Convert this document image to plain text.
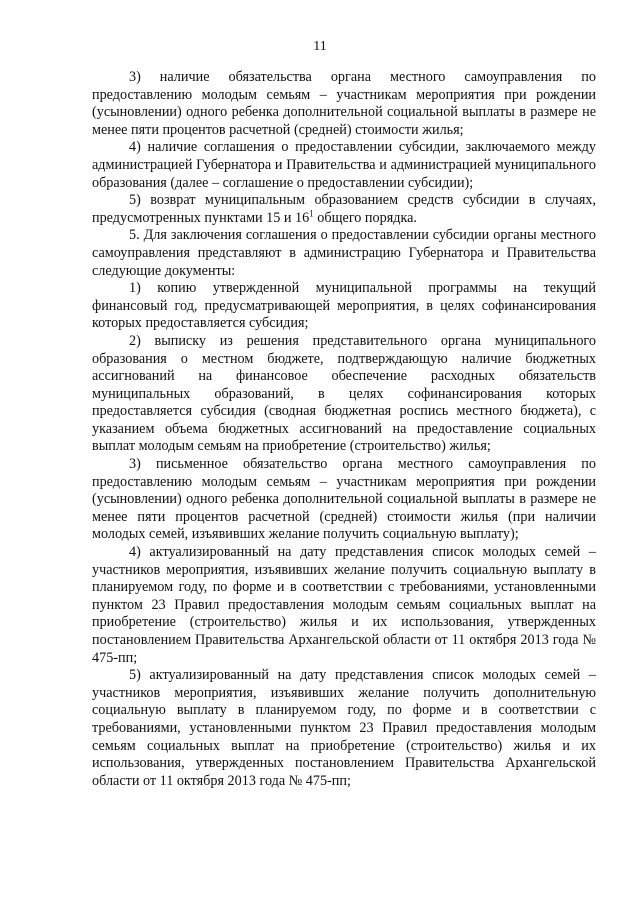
11

3) наличие обязательства органа местного самоуправления по предоставлению молодым семьям – участникам мероприятия при рождении (усыновлении) одного ребенка дополнительной социальной выплаты в размере не менее пяти процентов расчетной (средней) стоимости жилья;

4) наличие соглашения о предоставлении субсидии, заключаемого между администрацией Губернатора и Правительства и администрацией муниципального образования (далее – соглашение о предоставлении субсидии);

5) возврат муниципальным образованием средств субсидии в случаях, предусмотренных пунктами 15 и $16^1$ общего порядка.

5. Для заключения соглашения о предоставлении субсидии органы местного самоуправления представляют в администрацию Губернатора и Правительства следующие документы:

1) копию утвержденной муниципальной программы на текущий финансовый год, предусматривающей мероприятия, в целях софинансирования которых предоставляется субсидия;

2) выписку из решения представительного органа муниципального образования о местном бюджете, подтверждающую наличие бюджетных ассигнований на финансовое обеспечение расходных обязательств муниципальных образований, в целях софинансирования которых предоставляется субсидия (сводная бюджетная роспись местного бюджета), с указанием объема бюджетных ассигнований на предоставление социальных выплат молодым семьям на приобретение (строительство) жилья;

3) письменное обязательство органа местного самоуправления по предоставлению молодым семьям – участникам мероприятия при рождении (усыновлении) одного ребенка дополнительной социальной выплаты в размере не менее пяти процентов расчетной (средней) стоимости жилья (при наличии молодых семей, изъявивших желание получить социальную выплату);

4) актуализированный на дату представления список молодых семей – участников мероприятия, изъявивших желание получить социальную выплату в планируемом году, по форме и в соответствии с требованиями, установленными пунктом 23 Правил предоставления молодым семьям социальных выплат на приобретение (строительство) жилья и их использования, утвержденных постановлением Правительства Архангельской области от 11 октября 2013 года № 475-пп;

5) актуализированный на дату представления список молодых семей – участников мероприятия, изъявивших желание получить дополнительную социальную выплату в планируемом году, по форме и в соответствии с требованиями, установленными пунктом 23 Правил предоставления молодым семьям социальных выплат на приобретение (строительство) жилья и их использования, утвержденных постановлением Правительства Архангельской области от 11 октября 2013 года № 475-пп;
